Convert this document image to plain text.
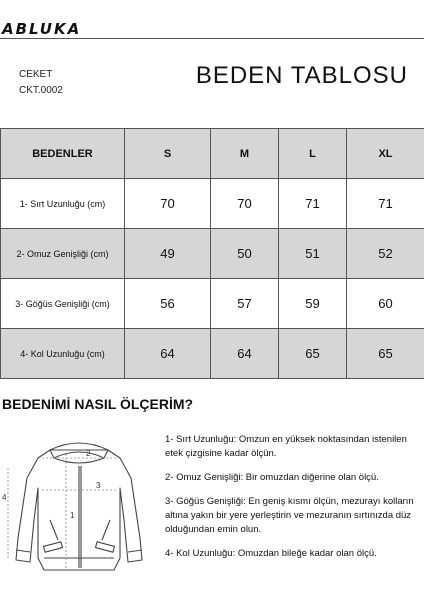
ABLUKA
CEKET
CKT.0002
BEDEN TABLOSU
BEDENLER	S	M	L	XL
1- Sırt Uzunluğu (cm)	70	70	71	71
2- Omuz Genişliği (cm)	49	50	51	52
3- Göğüs Genişliği (cm)	56	57	59	60
4- Kol Uzunluğu (cm)	64	64	65	65
BEDENİMİ NASIL ÖLÇERİM?
1
2
3
4

1- Sırt Uzunluğu: Omzun en yüksek noktasından istenilen etek çizgisine kadar ölçün.

2- Omuz Genişliği: Bir omuzdan diğerine olan ölçü.

3- Göğüs Genişliği: En geniş kısmı ölçün, mezurayı kolların altına yakın bir yere yerleştirin ve mezuranın sırtınızda düz olduğundan emin olun.

4- Kol Uzunluğu: Omuzdan bileğe kadar olan ölçü.
